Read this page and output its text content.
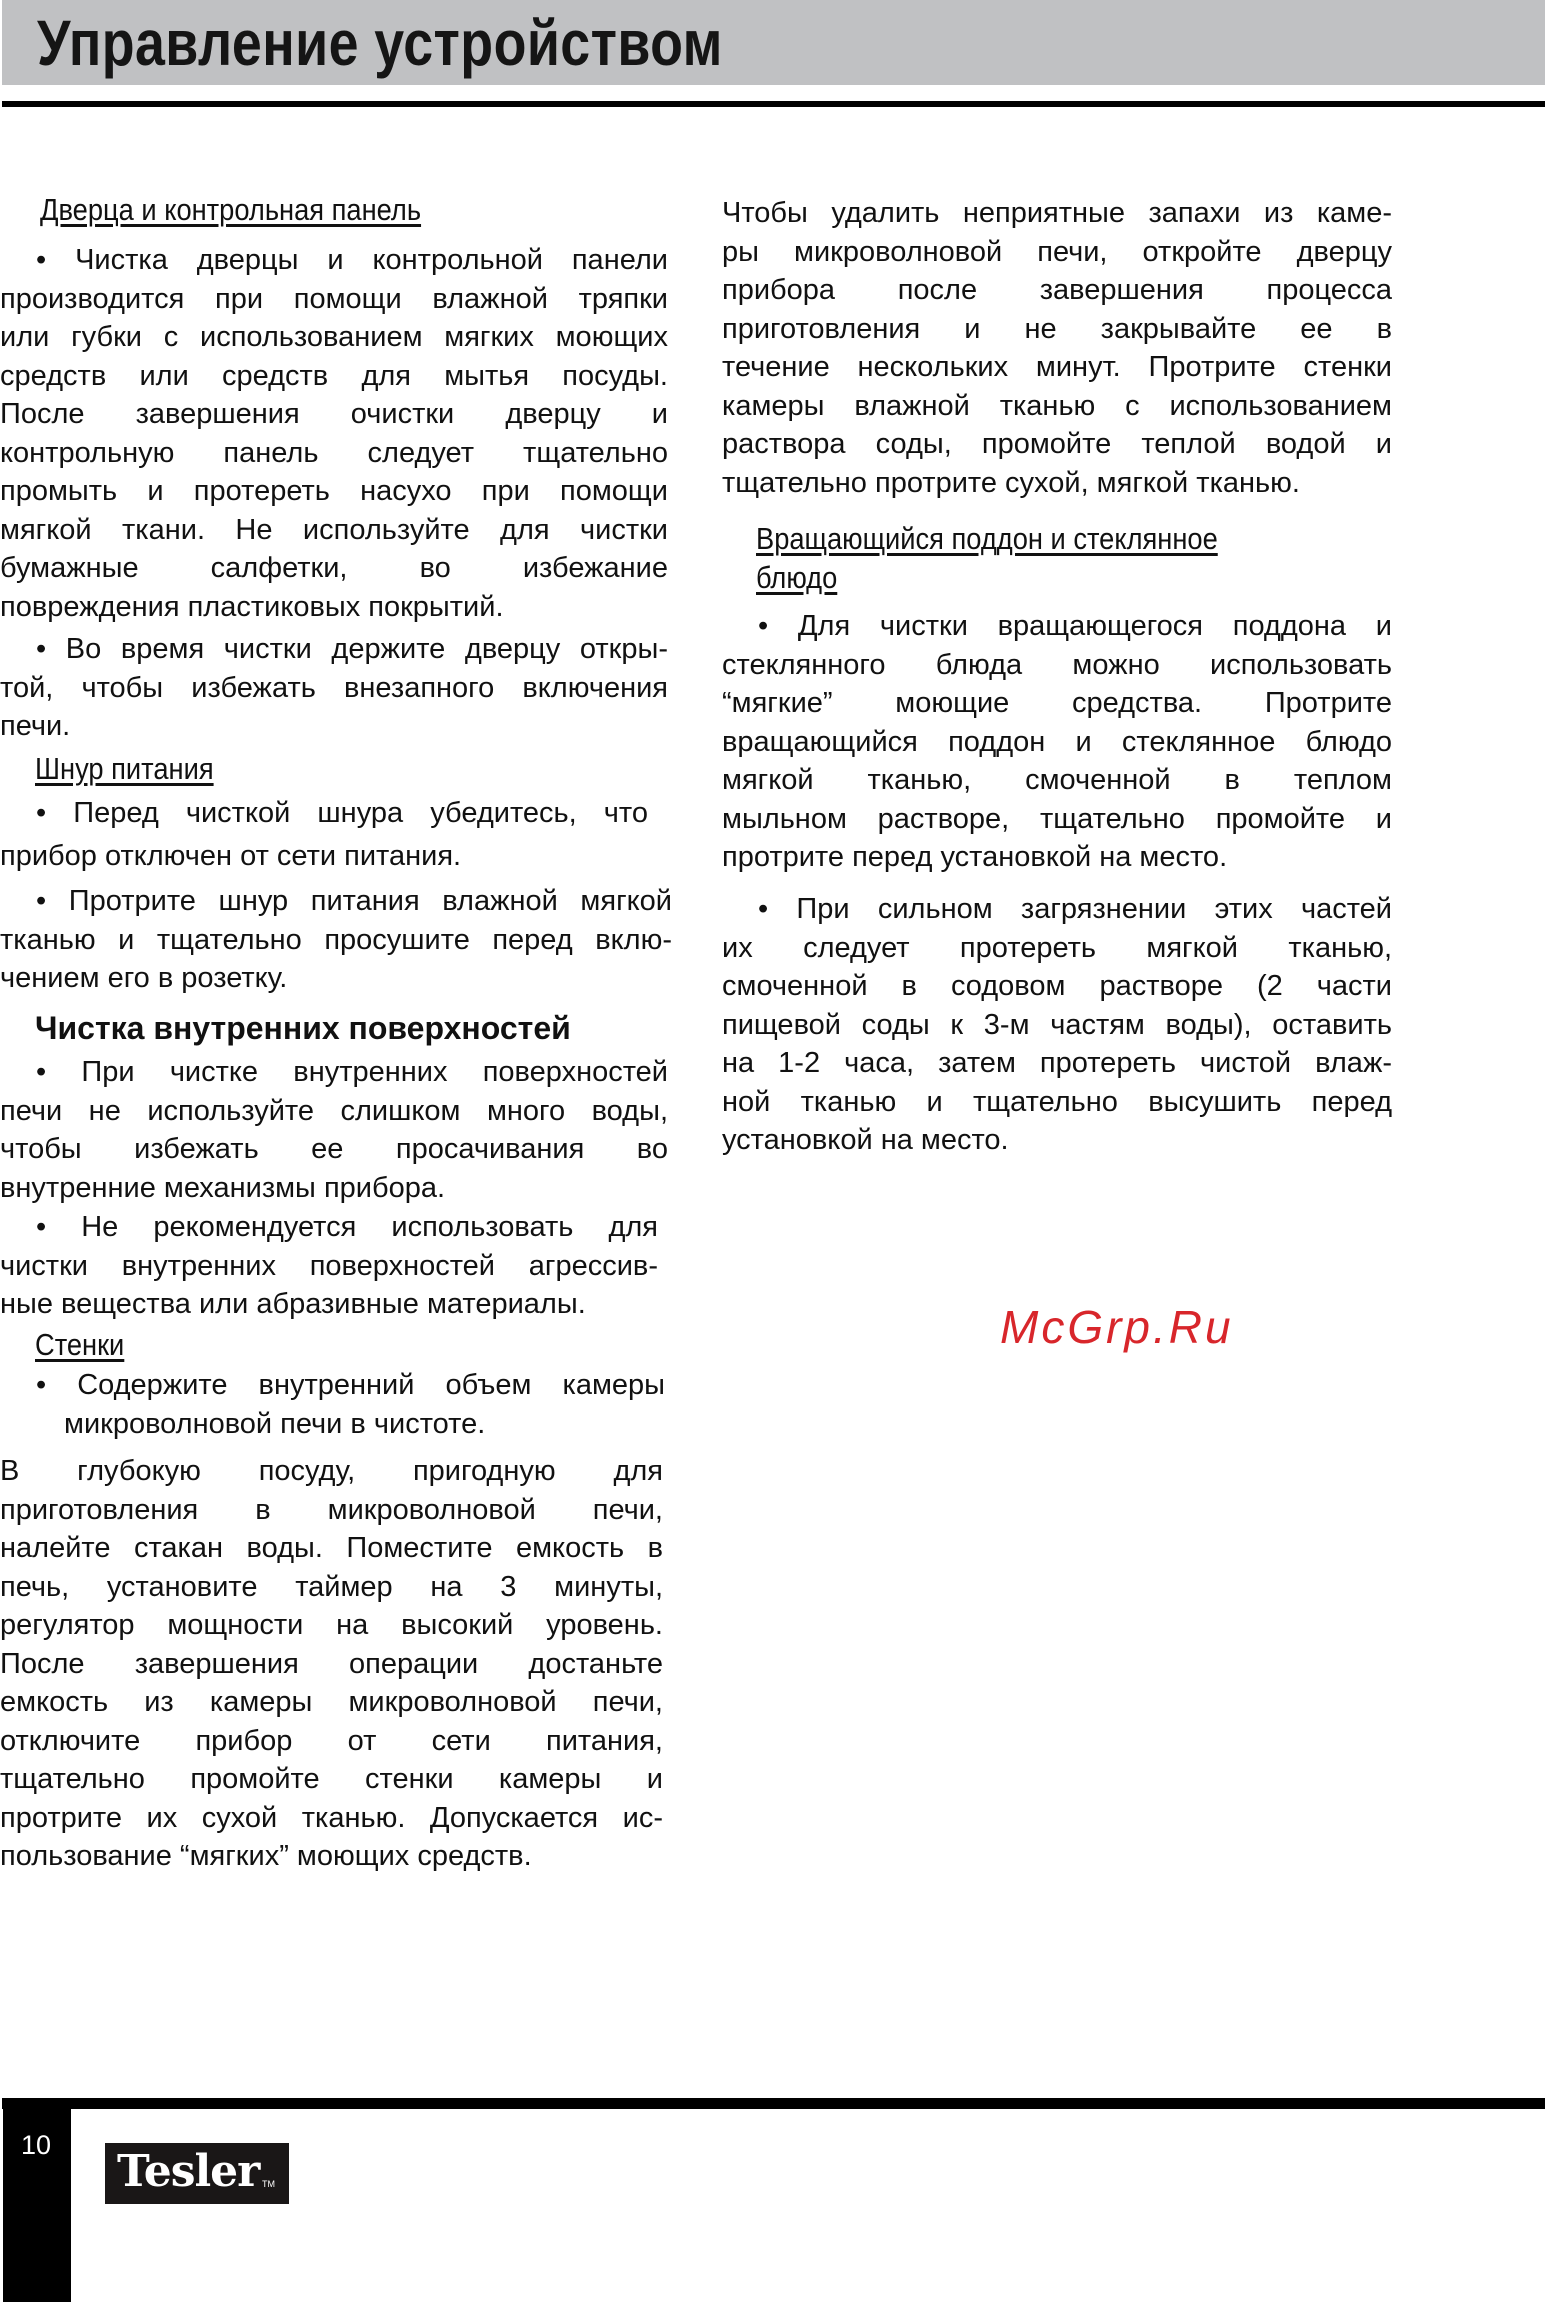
Управление устройством
Дверца и контрольная панель
• Чистка дверцы и контрольной панели
производится при помощи влажной тряпки
или губки с использованием мягких моющих
средств или средств для мытья посуды.
После завершения очистки дверцу и
контрольную панель следует тщательно
промыть и протереть насухо при помощи
мягкой ткани. Не используйте для чистки
бумажные салфетки, во избежание
повреждения пластиковых покрытий.
• Во время чистки держите дверцу откры-
той, чтобы избежать внезапного включения
печи.
Шнур питания
• Перед чисткой шнура убедитесь, что
прибор отключен от сети питания.
• Протрите шнур питания влажной мягкой
тканью и тщательно просушите перед вклю-
чением его в розетку.
Чистка внутренних поверхностей
• При чистке внутренних поверхностей
печи не используйте слишком много воды,
чтобы избежать ее просачивания во
внутренние механизмы прибора.
• Не рекомендуется использовать для
чистки внутренних поверхностей агрессив-
ные вещества или абразивные материалы.
Стенки
• Содержите внутренний объем камеры
микроволновой печи в чистоте.
В глубокую посуду, пригодную для
приготовления в микроволновой печи,
налейте стакан воды. Поместите емкость в
печь, установите таймер на 3 минуты,
регулятор мощности на высокий уровень.
После завершения операции достаньте
емкость из камеры микроволновой печи,
отключите прибор от сети питания,
тщательно промойте стенки камеры и
протрите их сухой тканью. Допускается ис-
пользование “мягких” моющих средств.
Чтобы удалить неприятные запахи из каме-
ры микроволновой печи, откройте дверцу
прибора после завершения процесса
приготовления и не закрывайте ее в
течение нескольких минут. Протрите стенки
камеры влажной тканью с использованием
раствора соды, промойте теплой водой и
тщательно протрите сухой, мягкой тканью.
Вращающийся поддон и стеклянное
блюдо
• Для чистки вращающегося поддона и
стеклянного блюда можно использовать
“мягкие” моющие средства. Протрите
вращающийся поддон и стеклянное блюдо
мягкой тканью, смоченной в теплом
мыльном растворе, тщательно промойте и
протрите перед установкой на место.
• При сильном загрязнении этих частей
их следует протереть мягкой тканью,
смоченной в содовом растворе (2 части
пищевой соды к 3-м частям воды), оставить
на 1-2 часа, затем протереть чистой влаж-
ной тканью и тщательно высушить перед
установкой на место.
McGrp.Ru
10
Tesler TM
